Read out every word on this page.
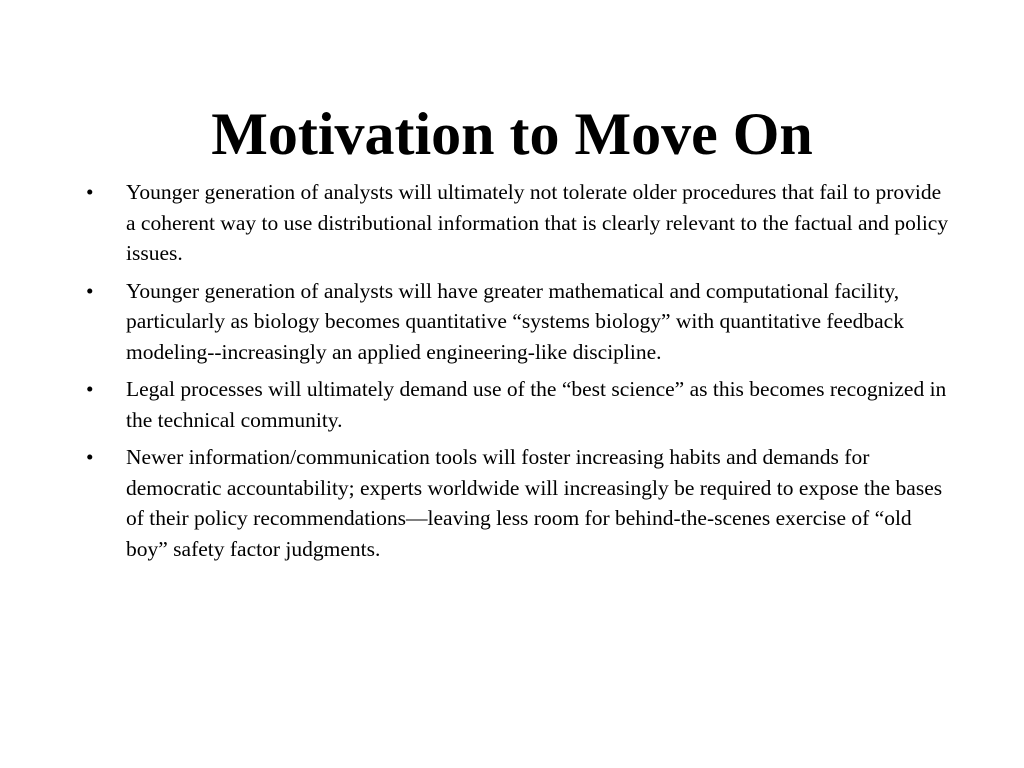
Motivation to Move On
•	Younger generation of analysts will ultimately not tolerate older procedures that fail to provide a coherent way to use distributional information that is clearly relevant to the factual and policy issues.
•	Younger generation of analysts will have greater mathematical and computational facility, particularly as biology becomes quantitative “systems biology” with quantitative feedback modeling--increasingly an applied engineering-like discipline.
•	Legal processes will ultimately demand use of the “best science” as this becomes recognized in the technical community.
•	Newer information/communication tools will foster increasing habits and demands for democratic accountability; experts worldwide will increasingly be required to expose the bases of their policy recommendations—leaving less room for behind-the-scenes exercise of “old boy” safety factor judgments.
